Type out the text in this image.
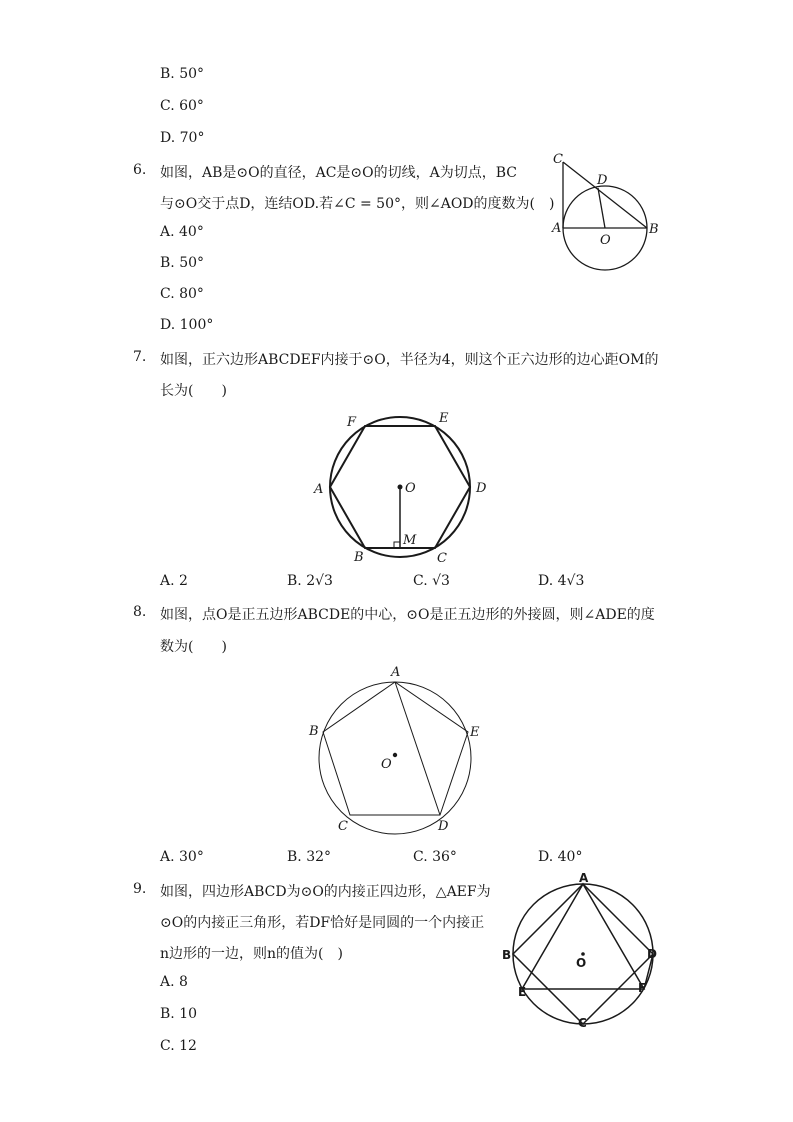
B. 50°
C. 60°
D. 70°
6. 如图，AB是⊙O的直径，AC是⊙O的切线，A为切点，BC
与⊙O交于点D，连结OD.若∠C = 50°，则∠AOD的度数为(　)
A. 40°
B. 50°
C. 80°
D. 100°
C
D
A
O
B
7. 如图，正六边形ABCDEF内接于⊙O，半径为4，则这个正六边形的边心距OM的
长为(　　)
F	E
A	O	D
B
M
C
A. 2	B. 2√3	C. √3	D. 4√3
8. 如图，点O是正五边形ABCDE的中心，⊙O是正五边形的外接圆，则∠ADE的度
数为(　　)
A
B	E
O
C	D
A. 30°	B. 32°	C. 36°	D. 40°
9. 如图，四边形ABCD为⊙O的内接正四边形，△AEF为
⊙O的内接正三角形，若DF恰好是同圆的一个内接正
n边形的一边，则n的值为(　)
A. 8
B. 10
C. 12
A
B	D
O
E	F
C
